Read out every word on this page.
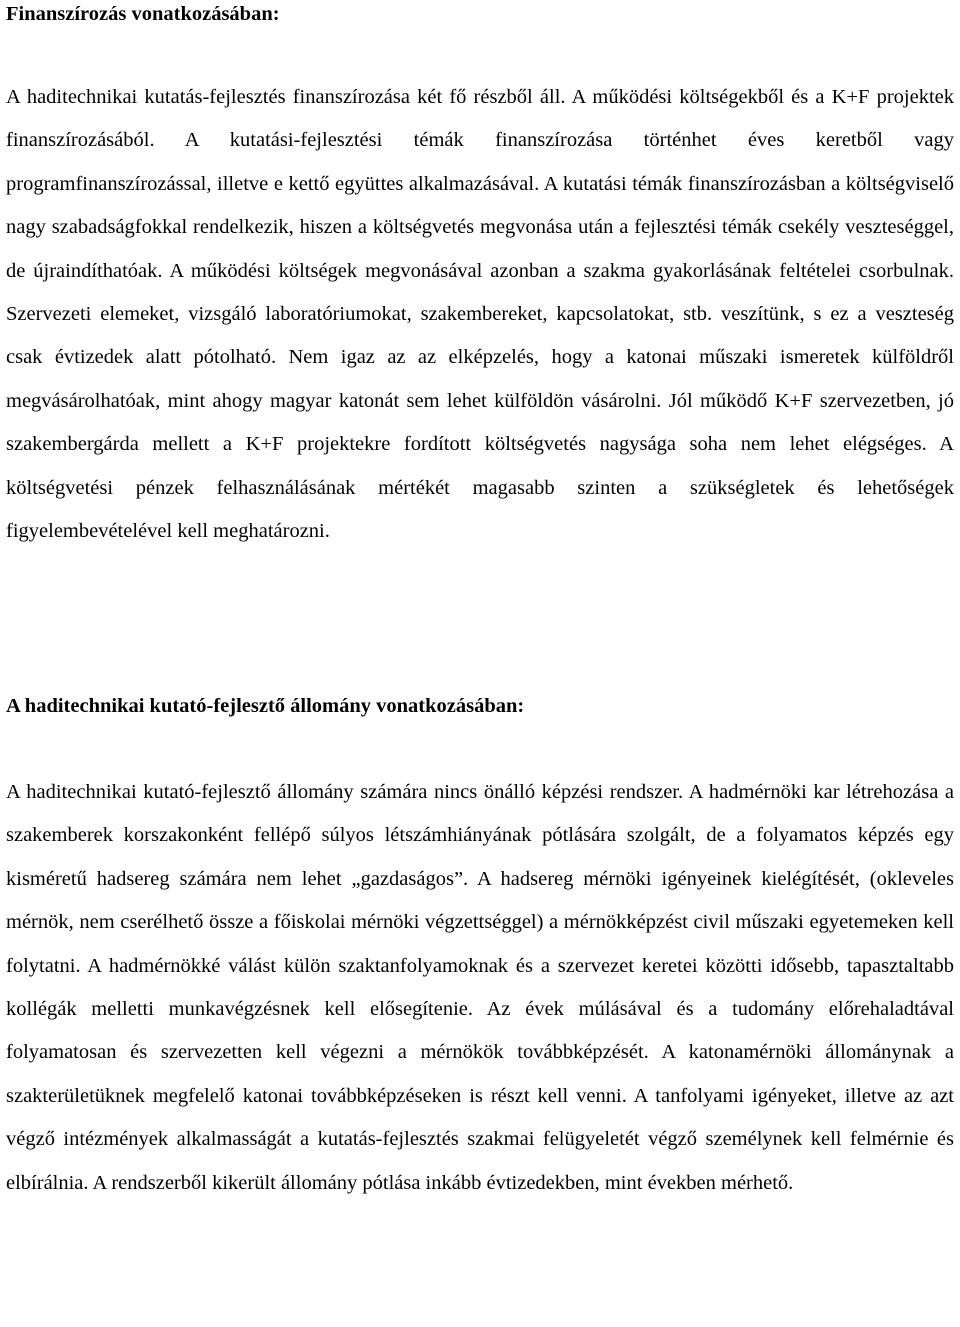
Finanszírozás vonatkozásában:

A haditechnikai kutatás-fejlesztés finanszírozása két fő részből áll. A működési költségekből és a K+F projektek finanszírozásából. A kutatási-fejlesztési témák finanszírozása történhet éves keretből vagy programfinanszírozással, illetve e kettő együttes alkalmazásával. A kutatási témák finanszírozásban a költségviselő nagy szabadságfokkal rendelkezik, hiszen a költségvetés megvonása után a fejlesztési témák csekély veszteséggel, de újraindíthatóak. A működési költségek megvonásával azonban a szakma gyakorlásának feltételei csorbulnak. Szervezeti elemeket, vizsgáló laboratóriumokat, szakembereket, kapcsolatokat, stb. veszítünk, s ez a veszteség csak évtizedek alatt pótolható. Nem igaz az az elképzelés, hogy a katonai műszaki ismeretek külföldről megvásárolhatóak, mint ahogy magyar katonát sem lehet külföldön vásárolni. Jól működő K+F szervezetben, jó szakembergárda mellett a K+F projektekre fordított költségvetés nagysága soha nem lehet elégséges. A költségvetési pénzek felhasználásának mértékét magasabb szinten a szükségletek és lehetőségek figyelembevételével kell meghatározni.

A haditechnikai kutató-fejlesztő állomány vonatkozásában:

A haditechnikai kutató-fejlesztő állomány számára nincs önálló képzési rendszer. A hadmérnöki kar létrehozása a szakemberek korszakonként fellépő súlyos létszámhiányának pótlására szolgált, de a folyamatos képzés egy kisméretű hadsereg számára nem lehet „gazdaságos”. A hadsereg mérnöki igényeinek kielégítését, (okleveles mérnök, nem cserélhető össze a főiskolai mérnöki végzettséggel) a mérnökképzést civil műszaki egyetemeken kell folytatni. A hadmérnökké válást külön szaktanfolyamoknak és a szervezet keretei közötti idősebb, tapasztaltabb kollégák melletti munkavégzésnek kell elősegítenie. Az évek múlásával és a tudomány előrehaladtával folyamatosan és szervezetten kell végezni a mérnökök továbbképzését. A katonamérnöki állománynak a szakterületüknek megfelelő katonai továbbképzéseken is részt kell venni. A tanfolyami igényeket, illetve az azt végző intézmények alkalmasságát a kutatás-fejlesztés szakmai felügyeletét végző személynek kell felmérnie és elbírálnia. A rendszerből kikerült állomány pótlása inkább évtizedekben, mint években mérhető.
